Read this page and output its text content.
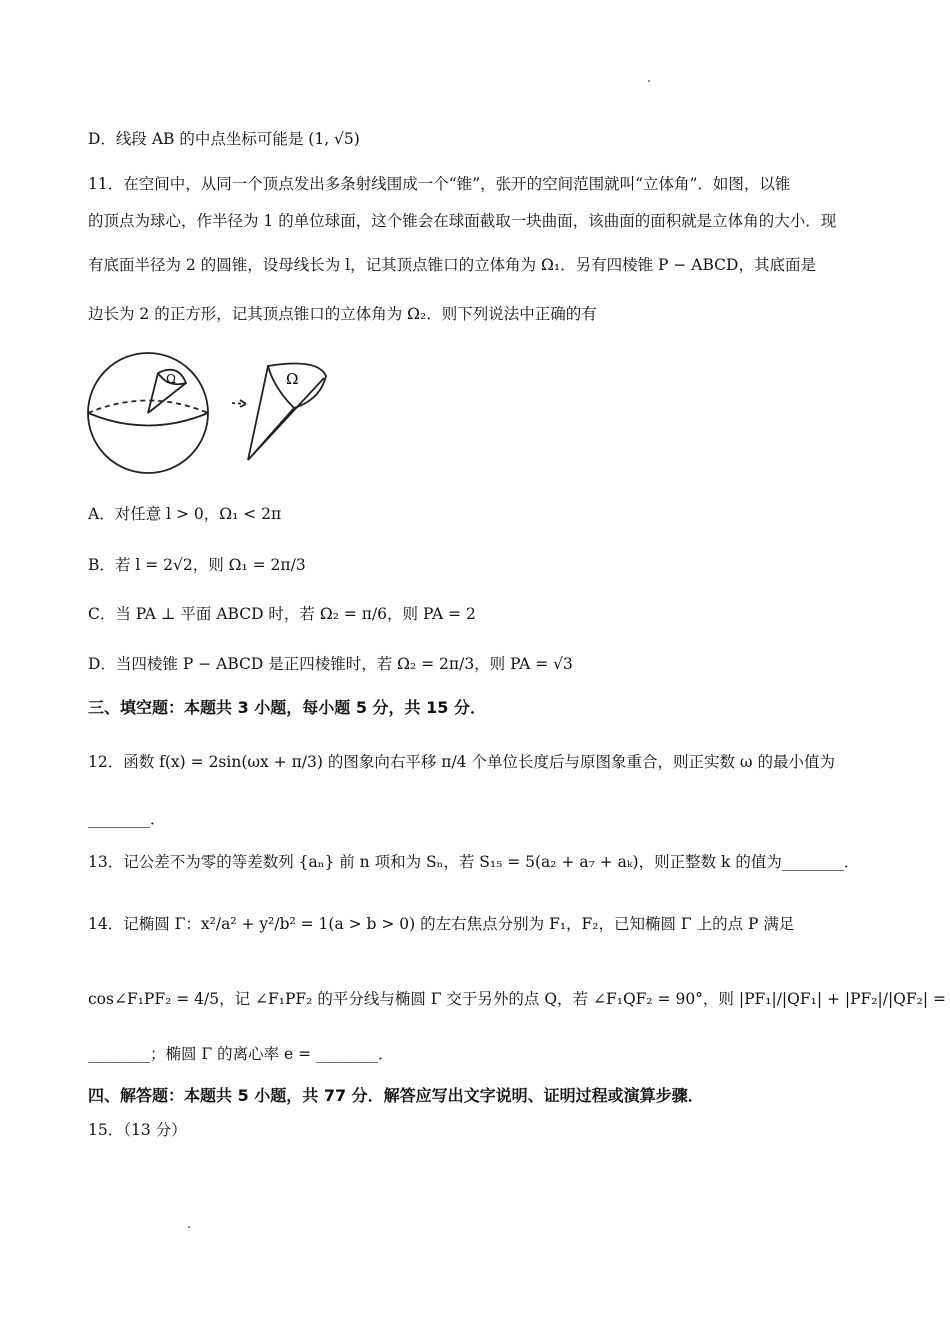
D．线段 AB 的中点坐标可能是 (1, √5)
11．在空间中，从同一个顶点发出多条射线围成一个“锥”，张开的空间范围就叫“立体角”．如图，以锥
的顶点为球心，作半径为 1 的单位球面，这个锥会在球面截取一块曲面，该曲面的面积就是立体角的大小．现
有底面半径为 2 的圆锥，设母线长为 l，记其顶点锥口的立体角为 Ω₁．另有四棱锥 P − ABCD，其底面是
边长为 2 的正方形，记其顶点锥口的立体角为 Ω₂．则下列说法中正确的有
Ω	Ω
A．对任意 l > 0，Ω₁ < 2π
B．若 l = 2√2，则 Ω₁ = 2π/3
C．当 PA ⊥ 平面 ABCD 时，若 Ω₂ = π/6，则 PA = 2
D．当四棱锥 P − ABCD 是正四棱锥时，若 Ω₂ = 2π/3，则 PA = √3
三、填空题：本题共 3 小题，每小题 5 分，共 15 分．
12．函数 f(x) = 2sin(ωx + π/3) 的图象向右平移 π/4 个单位长度后与原图象重合，则正实数 ω 的最小值为
________．
13．记公差不为零的等差数列 {aₙ} 前 n 项和为 Sₙ，若 S₁₅ = 5(a₂ + a₇ + aₖ)，则正整数 k 的值为________．
14．记椭圆 Γ：x²/a² + y²/b² = 1(a > b > 0) 的左右焦点分别为 F₁，F₂，已知椭圆 Γ 上的点 P 满足
cos∠F₁PF₂ = 4/5，记 ∠F₁PF₂ 的平分线与椭圆 Γ 交于另外的点 Q，若 ∠F₁QF₂ = 90°，则 |PF₁|/|QF₁| + |PF₂|/|QF₂| =
________；椭圆 Γ 的离心率 e = ________．
四、解答题：本题共 5 小题，共 77 分．解答应写出文字说明、证明过程或演算步骤．
15．（13 分）
